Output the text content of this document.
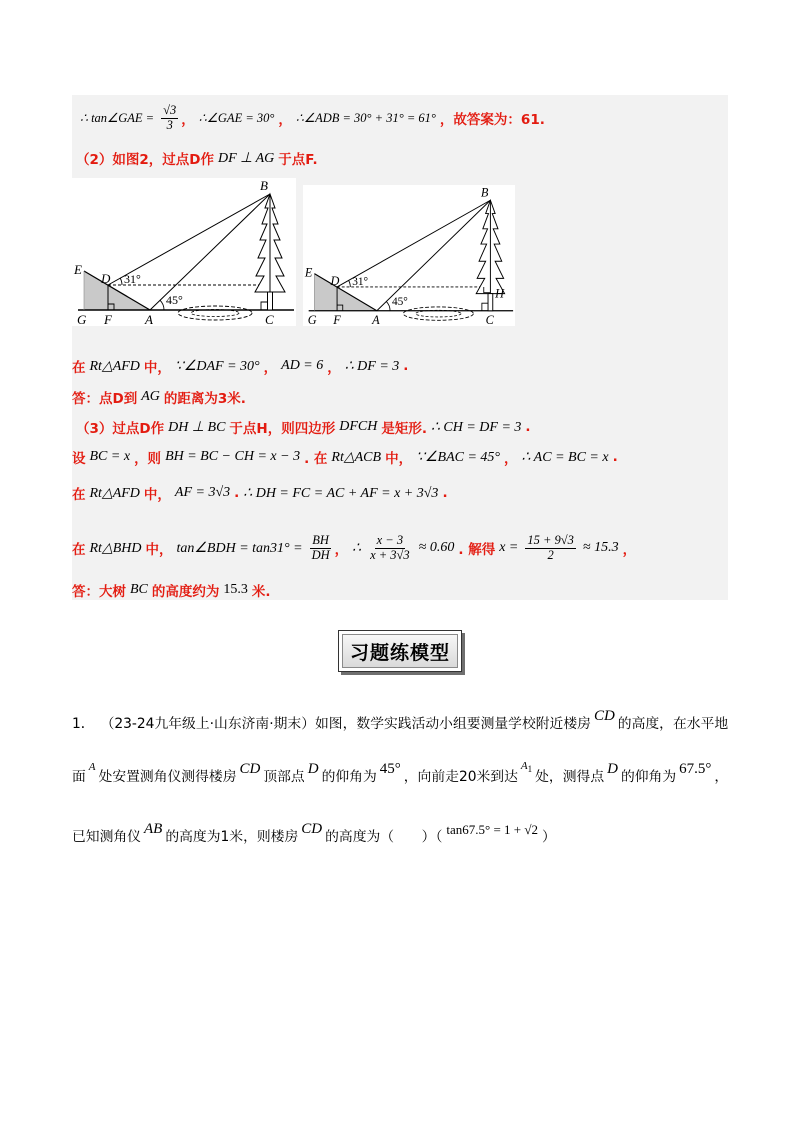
∴ tan∠GAE = $\frac{√3}{3}$ ， ∴∠GAE = 30° ， ∴∠ADB = 30° + 31° = 61° ，故答案为：61.
（2）如图2，过点D作 DF ⊥ AG 于点F.
E
D 31°
G F	A
45°
C
B
E
D 31°
G F A
45°
C
B
H
在 Rt△AFD 中， ∵∠DAF = 30° ， AD = 6 ， ∴ DF = 3 .
答：点D到 AG 的距离为3米.
（3）过点D作 DH ⊥ BC 于点H，则四边形 DFCH 是矩形. ∴ CH = DF = 3 .
设 BC = x ，则 BH = BC − CH = x − 3 . 在 Rt△ACB 中， ∵∠BAC = 45° ， ∴ AC = BC = x .
在 Rt△AFD 中， AF = 3√3 . ∴ DH = FC = AC + AF = x + 3√3 .
在 Rt△BHD 中， tan∠BDH = $\tan 31^\circ = \frac{BH}{DH}$ ， ∴ $\frac{x - 3}{x + 3√3} \approx 0.60$ . 解得 $x = \frac{15 + 9√3}{2} \approx 15.3$ ，
答：大树 BC 的高度约为 15.3 米.
习题练模型
1． （23-24九年级上·山东济南·期末）如图，数学实践活动小组要测量学校附近楼房
CD
的高度，在水平地
面
A
处安置测角仪测得楼房
CD
顶部点
D
的仰角为
45°
，向前走20米到达
$A_1$ 处，测得点
D
的仰角为
67.5°
，
已知测角仪
AB
的高度为1米，则楼房
CD
的高度为（　　）（ tan67.5° = 1 + √2 ）
